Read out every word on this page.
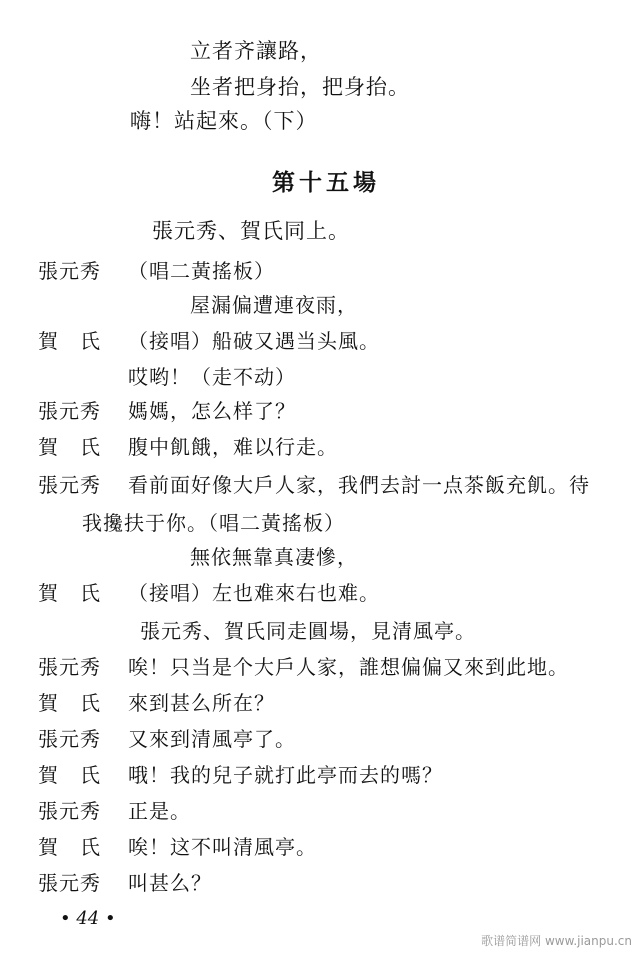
立者齐讓路，
坐者把身抬，把身抬。
嗨！站起來。（下）
第十五場
張元秀、賀氏同上。
張元秀 （唱二黃搖板）
屋漏偏遭連夜雨，
賀　氏 （接唱）船破又遇当头風。
哎哟！（走不动）
張元秀 媽媽，怎么样了？
賀　氏 腹中飢餓，难以行走。
張元秀 看前面好像大戶人家，我們去討一点茶飯充飢。待
我攙扶于你。（唱二黃搖板）
無依無靠真凄慘，
賀　氏 （接唱）左也难來右也难。
張元秀、賀氏同走圓場，見清風亭。
張元秀 唉！只当是个大戶人家，誰想偏偏又來到此地。
賀　氏 來到甚么所在？
張元秀 又來到清風亭了。
賀　氏 哦！我的兒子就打此亭而去的嗎？
張元秀 正是。
賀　氏 唉！这不叫清風亭。
張元秀 叫甚么？
• 44 •
歌谱简谱网 www.jianpu.cn
